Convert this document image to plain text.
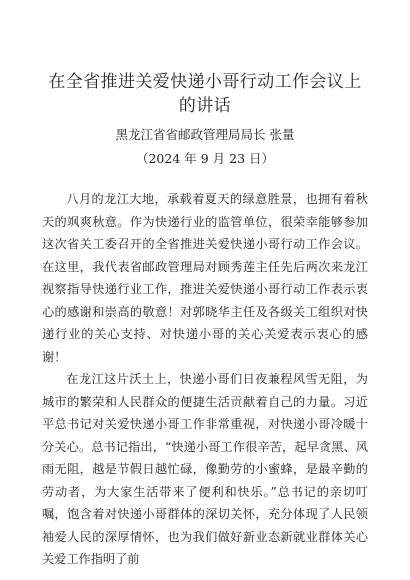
在全省推进关爱快递小哥行动工作会议上的讲话

黑龙江省省邮政管理局局长 张量

（2024 年 9 月 23 日）

八月的龙江大地，承载着夏天的绿意胜景，也拥有着秋天的飒爽秋意。作为快递行业的监管单位，很荣幸能够参加这次省关工委召开的全省推进关爱快递小哥行动工作会议。在这里，我代表省邮政管理局对顾秀莲主任先后两次来龙江视察指导快递行业工作，推进关爱快递小哥行动工作表示衷心的感谢和崇高的敬意！对郭晓华主任及各级关工组织对快递行业的关心支持、对快递小哥的关心关爱表示衷心的感谢！

在龙江这片沃土上，快递小哥们日夜兼程风雪无阻，为城市的繁荣和人民群众的便捷生活贡献着自己的力量。习近平总书记对关爱快递小哥工作非常重视，对快递小哥冷暖十分关心。总书记指出，“快递小哥工作很辛苦，起早贪黑、风雨无阻，越是节假日越忙碌，像勤劳的小蜜蜂，是最辛勤的劳动者，为大家生活带来了便利和快乐。”总书记的亲切叮嘱，饱含着对快递小哥群体的深切关怀，充分体现了人民领袖爱人民的深厚情怀，也为我们做好新业态新就业群体关心关爱工作指明了前
